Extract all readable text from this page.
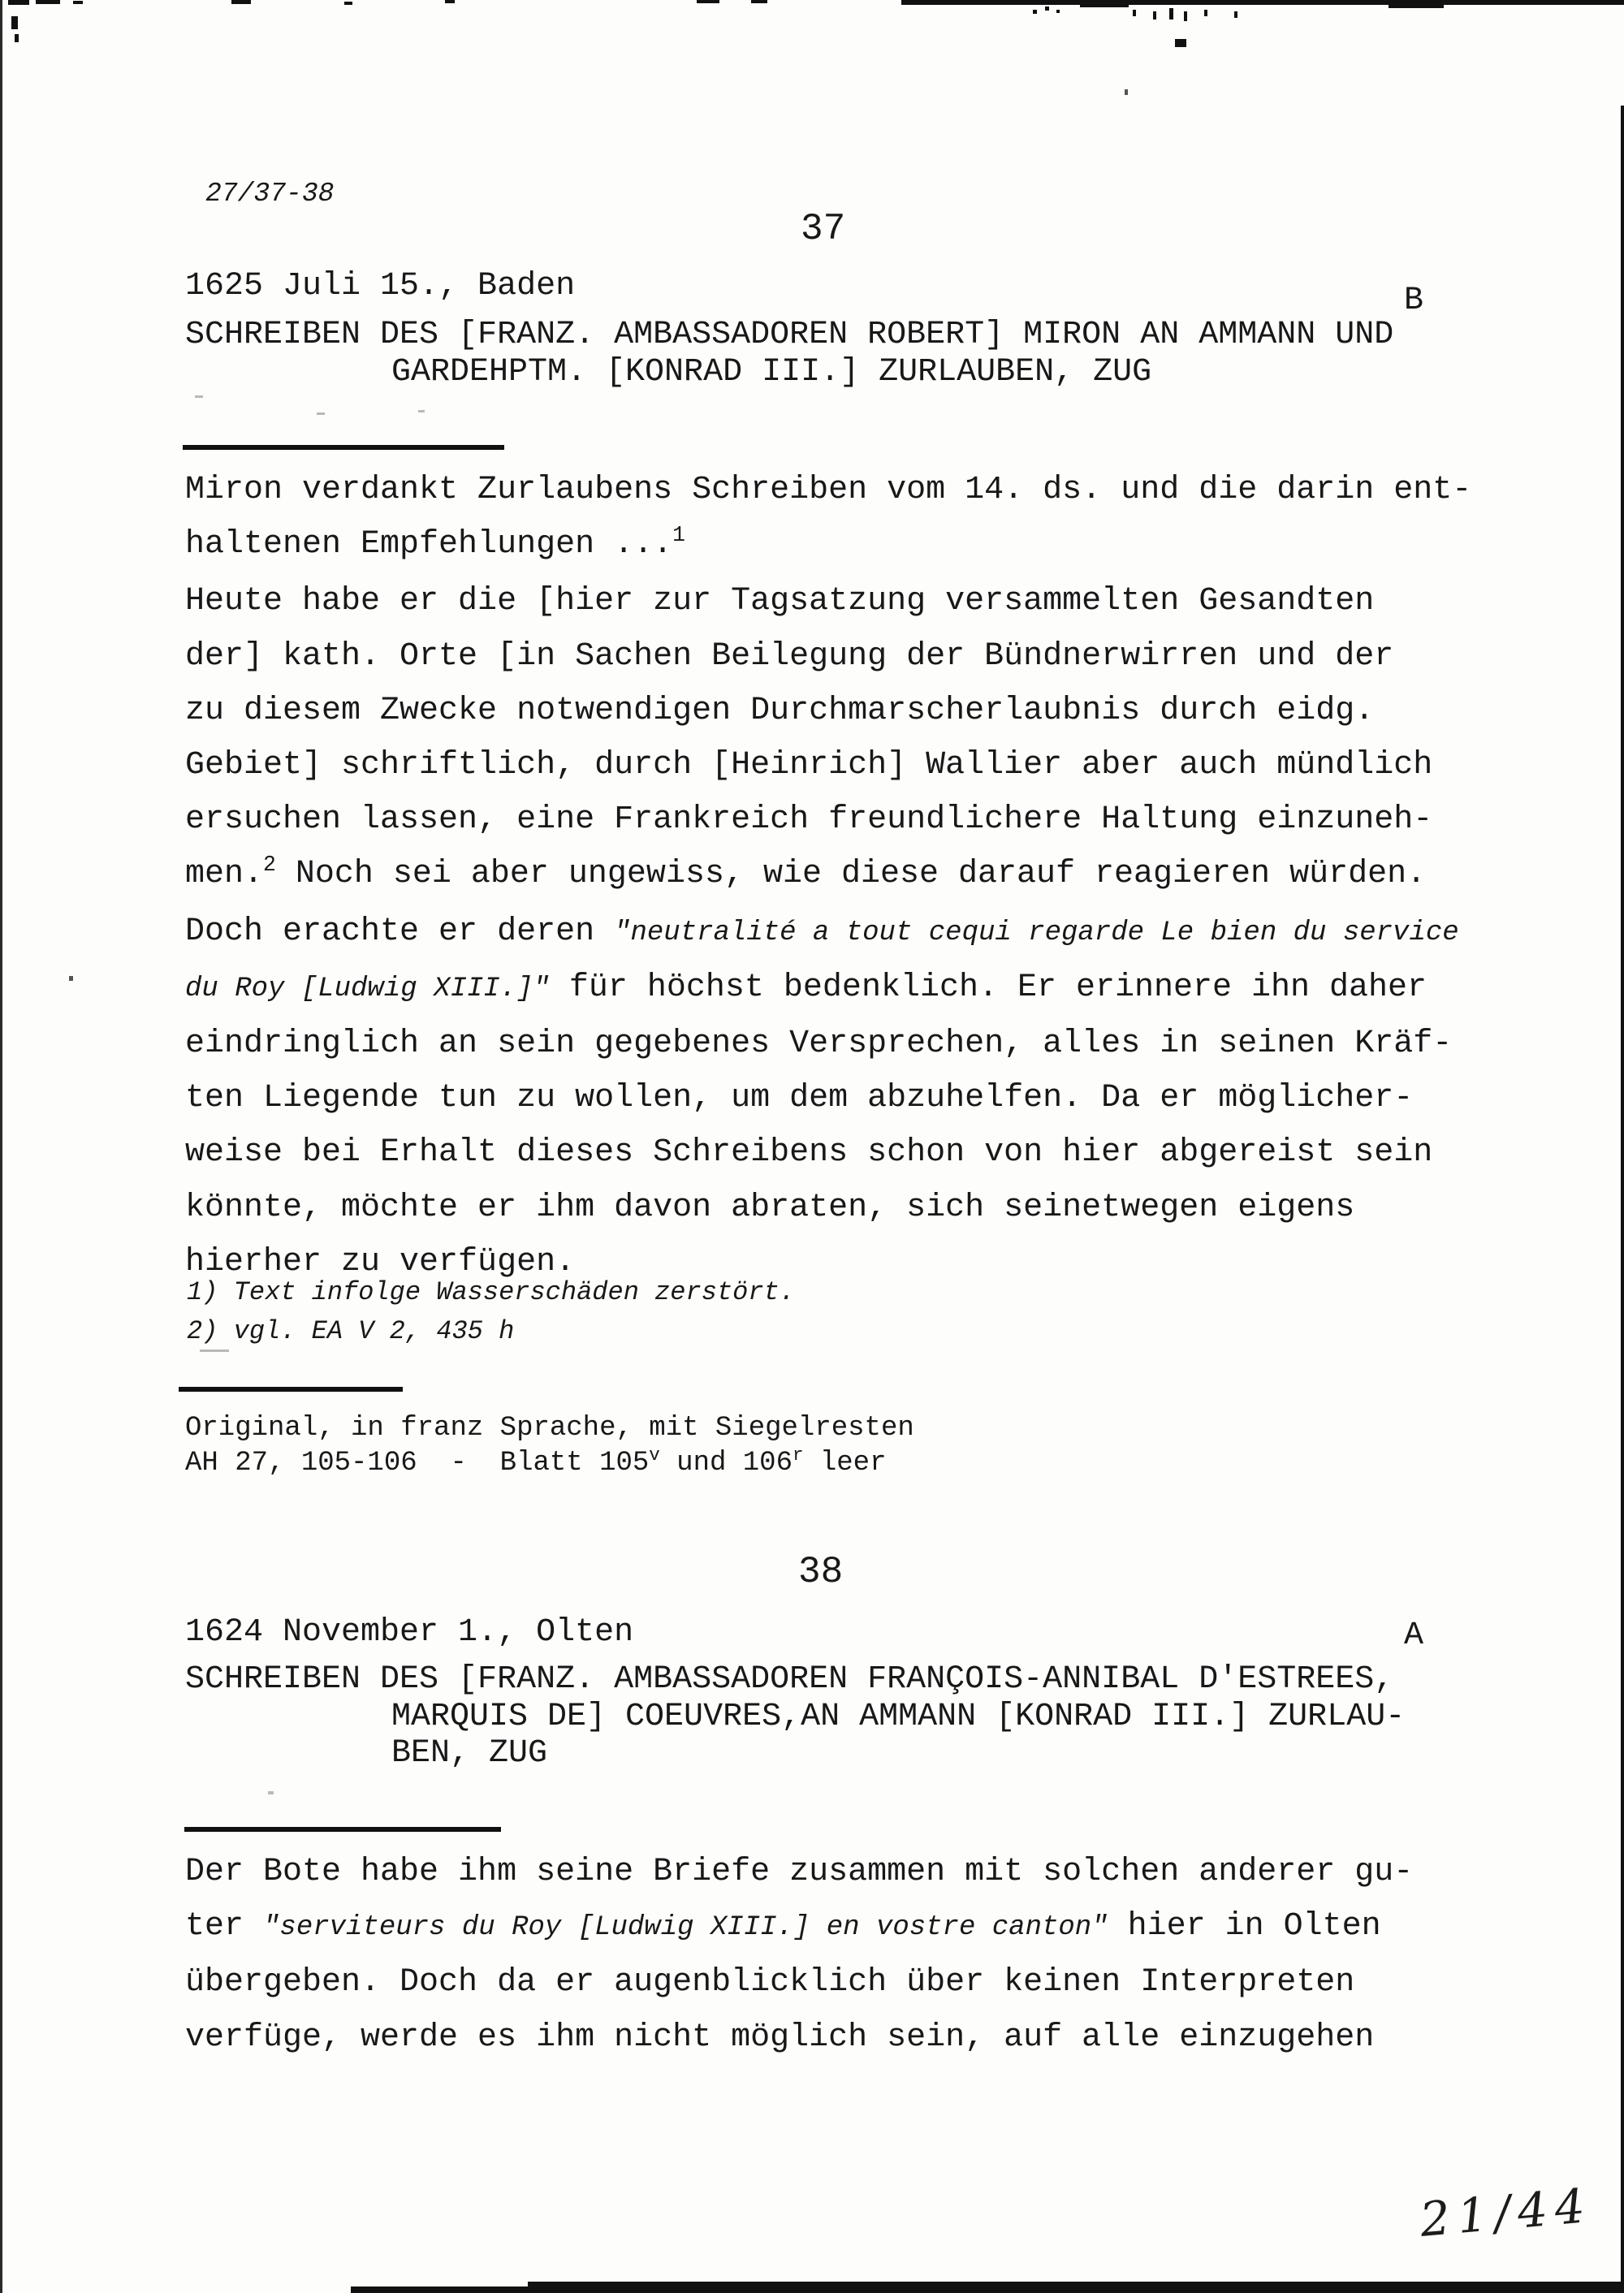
27/37-38
37
1625 Juli 15., Baden	B
SCHREIBEN DES [FRANZ. AMBASSADOREN ROBERT] MIRON AN AMMANN UND
GARDEHPTM. [KONRAD III.] ZURLAUBEN, ZUG
Miron verdankt Zurlaubens Schreiben vom 14. ds. und die darin ent-
haltenen Empfehlungen ...$^1$
Heute habe er die [hier zur Tagsatzung versammelten Gesandten
der] kath. Orte [in Sachen Beilegung der Bündnerwirren und der
zu diesem Zwecke notwendigen Durchmarscherlaubnis durch eidg.
Gebiet] schriftlich, durch [Heinrich] Wallier aber auch mündlich
ersuchen lassen, eine Frankreich freundlichere Haltung einzuneh-
men.$^2$ Noch sei aber ungewiss, wie diese darauf reagieren würden.
Doch erachte er deren "neutralité a tout cequi regarde Le bien du service
du Roy [Ludwig XIII.]" für höchst bedenklich. Er erinnere ihn daher
eindringlich an sein gegebenes Versprechen, alles in seinen Kräf-
ten Liegende tun zu wollen, um dem abzuhelfen. Da er möglicher-
weise bei Erhalt dieses Schreibens schon von hier abgereist sein
könnte, möchte er ihm davon abraten, sich seinetwegen eigens
hierher zu verfügen.
1) Text infolge Wasserschäden zerstört.
2) vgl. EA V 2, 435 h
Original, in franz Sprache, mit Siegelresten
AH 27, 105-106  -  Blatt 105$^v$ und 106$^r$ leer
38
1624 November 1., Olten	A
SCHREIBEN DES [FRANZ. AMBASSADOREN FRANÇOIS-ANNIBAL D'ESTREES,
MARQUIS DE] COEUVRES,AN AMMANN [KONRAD III.] ZURLAU-
BEN, ZUG
Der Bote habe ihm seine Briefe zusammen mit solchen anderer gu-
ter "serviteurs du Roy [Ludwig XIII.] en vostre canton" hier in Olten
übergeben. Doch da er augenblicklich über keinen Interpreten
verfüge, werde es ihm nicht möglich sein, auf alle einzugehen
21/44
